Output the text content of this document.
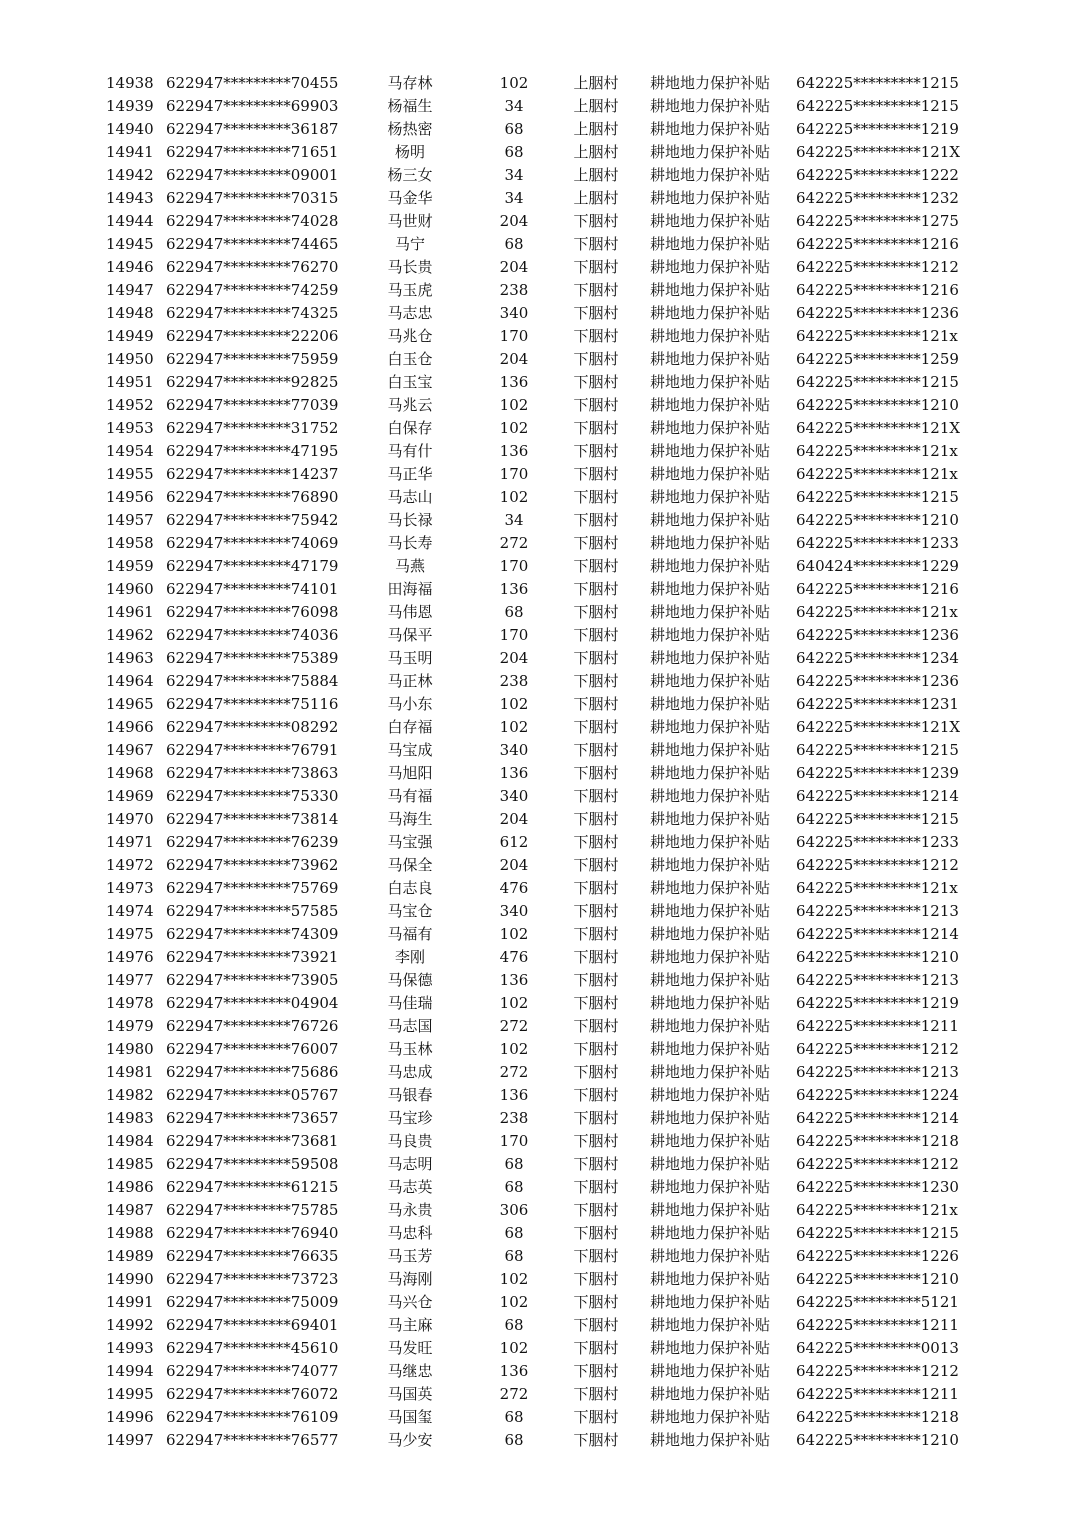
14938 622947*********70455	马存林	102	上胭村	耕地地力保护补贴	642225*********1215
14939 622947*********69903	杨福生	34	上胭村	耕地地力保护补贴	642225*********1215
14940 622947*********36187	杨热密	68	上胭村	耕地地力保护补贴	642225*********1219
14941 622947*********71651	杨明	68	上胭村	耕地地力保护补贴	642225*********121X
14942 622947*********09001	杨三女	34	上胭村	耕地地力保护补贴	642225*********1222
14943 622947*********70315	马金华	34	上胭村	耕地地力保护补贴	642225*********1232
14944 622947*********74028	马世财	204	下胭村	耕地地力保护补贴	642225*********1275
14945 622947*********74465	马宁	68	下胭村	耕地地力保护补贴	642225*********1216
14946 622947*********76270	马长贵	204	下胭村	耕地地力保护补贴	642225*********1212
14947 622947*********74259	马玉虎	238	下胭村	耕地地力保护补贴	642225*********1216
14948 622947*********74325	马志忠	340	下胭村	耕地地力保护补贴	642225*********1236
14949 622947*********22206	马兆仓	170	下胭村	耕地地力保护补贴	642225*********121x
14950 622947*********75959	白玉仓	204	下胭村	耕地地力保护补贴	642225*********1259
14951 622947*********92825	白玉宝	136	下胭村	耕地地力保护补贴	642225*********1215
14952 622947*********77039	马兆云	102	下胭村	耕地地力保护补贴	642225*********1210
14953 622947*********31752	白保存	102	下胭村	耕地地力保护补贴	642225*********121X
14954 622947*********47195	马有什	136	下胭村	耕地地力保护补贴	642225*********121x
14955 622947*********14237	马正华	170	下胭村	耕地地力保护补贴	642225*********121x
14956 622947*********76890	马志山	102	下胭村	耕地地力保护补贴	642225*********1215
14957 622947*********75942	马长禄	34	下胭村	耕地地力保护补贴	642225*********1210
14958 622947*********74069	马长寿	272	下胭村	耕地地力保护补贴	642225*********1233
14959 622947*********47179	马燕	170	下胭村	耕地地力保护补贴	640424*********1229
14960 622947*********74101	田海福	136	下胭村	耕地地力保护补贴	642225*********1216
14961 622947*********76098	马伟恩	68	下胭村	耕地地力保护补贴	642225*********121x
14962 622947*********74036	马保平	170	下胭村	耕地地力保护补贴	642225*********1236
14963 622947*********75389	马玉明	204	下胭村	耕地地力保护补贴	642225*********1234
14964 622947*********75884	马正林	238	下胭村	耕地地力保护补贴	642225*********1236
14965 622947*********75116	马小东	102	下胭村	耕地地力保护补贴	642225*********1231
14966 622947*********08292	白存福	102	下胭村	耕地地力保护补贴	642225*********121X
14967 622947*********76791	马宝成	340	下胭村	耕地地力保护补贴	642225*********1215
14968 622947*********73863	马旭阳	136	下胭村	耕地地力保护补贴	642225*********1239
14969 622947*********75330	马有福	340	下胭村	耕地地力保护补贴	642225*********1214
14970 622947*********73814	马海生	204	下胭村	耕地地力保护补贴	642225*********1215
14971 622947*********76239	马宝强	612	下胭村	耕地地力保护补贴	642225*********1233
14972 622947*********73962	马保全	204	下胭村	耕地地力保护补贴	642225*********1212
14973 622947*********75769	白志良	476	下胭村	耕地地力保护补贴	642225*********121x
14974 622947*********57585	马宝仓	340	下胭村	耕地地力保护补贴	642225*********1213
14975 622947*********74309	马福有	102	下胭村	耕地地力保护补贴	642225*********1214
14976 622947*********73921	李刚	476	下胭村	耕地地力保护补贴	642225*********1210
14977 622947*********73905	马保德	136	下胭村	耕地地力保护补贴	642225*********1213
14978 622947*********04904	马佳瑞	102	下胭村	耕地地力保护补贴	642225*********1219
14979 622947*********76726	马志国	272	下胭村	耕地地力保护补贴	642225*********1211
14980 622947*********76007	马玉林	102	下胭村	耕地地力保护补贴	642225*********1212
14981 622947*********75686	马忠成	272	下胭村	耕地地力保护补贴	642225*********1213
14982 622947*********05767	马银春	136	下胭村	耕地地力保护补贴	642225*********1224
14983 622947*********73657	马宝珍	238	下胭村	耕地地力保护补贴	642225*********1214
14984 622947*********73681	马良贵	170	下胭村	耕地地力保护补贴	642225*********1218
14985 622947*********59508	马志明	68	下胭村	耕地地力保护补贴	642225*********1212
14986 622947*********61215	马志英	68	下胭村	耕地地力保护补贴	642225*********1230
14987 622947*********75785	马永贵	306	下胭村	耕地地力保护补贴	642225*********121x
14988 622947*********76940	马忠科	68	下胭村	耕地地力保护补贴	642225*********1215
14989 622947*********76635	马玉芳	68	下胭村	耕地地力保护补贴	642225*********1226
14990 622947*********73723	马海刚	102	下胭村	耕地地力保护补贴	642225*********1210
14991 622947*********75009	马兴仓	102	下胭村	耕地地力保护补贴	642225*********5121
14992 622947*********69401	马主麻	68	下胭村	耕地地力保护补贴	642225*********1211
14993 622947*********45610	马发旺	102	下胭村	耕地地力保护补贴	642225*********0013
14994 622947*********74077	马继忠	136	下胭村	耕地地力保护补贴	642225*********1212
14995 622947*********76072	马国英	272	下胭村	耕地地力保护补贴	642225*********1211
14996 622947*********76109	马国玺	68	下胭村	耕地地力保护补贴	642225*********1218
14997 622947*********76577	马少安	68	下胭村	耕地地力保护补贴	642225*********1210
